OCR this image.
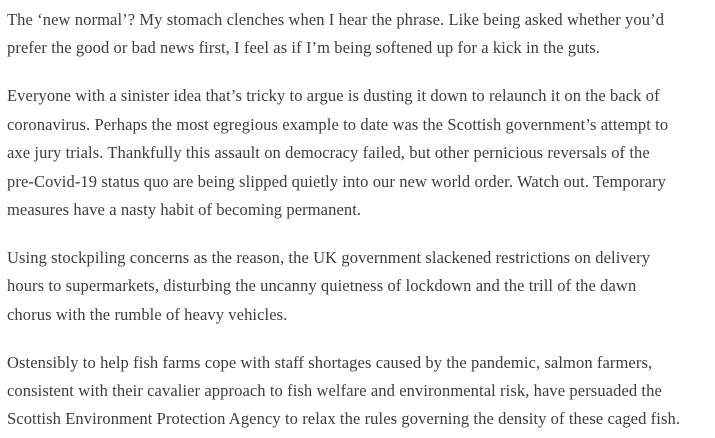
The ‘new normal’? My stomach clenches when I hear the phrase. Like being asked whether you’d
prefer the good or bad news first, I feel as if I’m being softened up for a kick in the guts.

Everyone with a sinister idea that’s tricky to argue is dusting it down to relaunch it on the back of
coronavirus. Perhaps the most egregious example to date was the Scottish government’s attempt to
axe jury trials. Thankfully this assault on democracy failed, but other pernicious reversals of the
pre-Covid-19 status quo are being slipped quietly into our new world order. Watch out. Temporary
measures have a nasty habit of becoming permanent.

Using stockpiling concerns as the reason, the UK government slackened restrictions on delivery
hours to supermarkets, disturbing the uncanny quietness of lockdown and the trill of the dawn
chorus with the rumble of heavy vehicles.

Ostensibly to help fish farms cope with staff shortages caused by the pandemic, salmon farmers,
consistent with their cavalier approach to fish welfare and environmental risk, have persuaded the
Scottish Environment Protection Agency to relax the rules governing the density of these caged fish.
